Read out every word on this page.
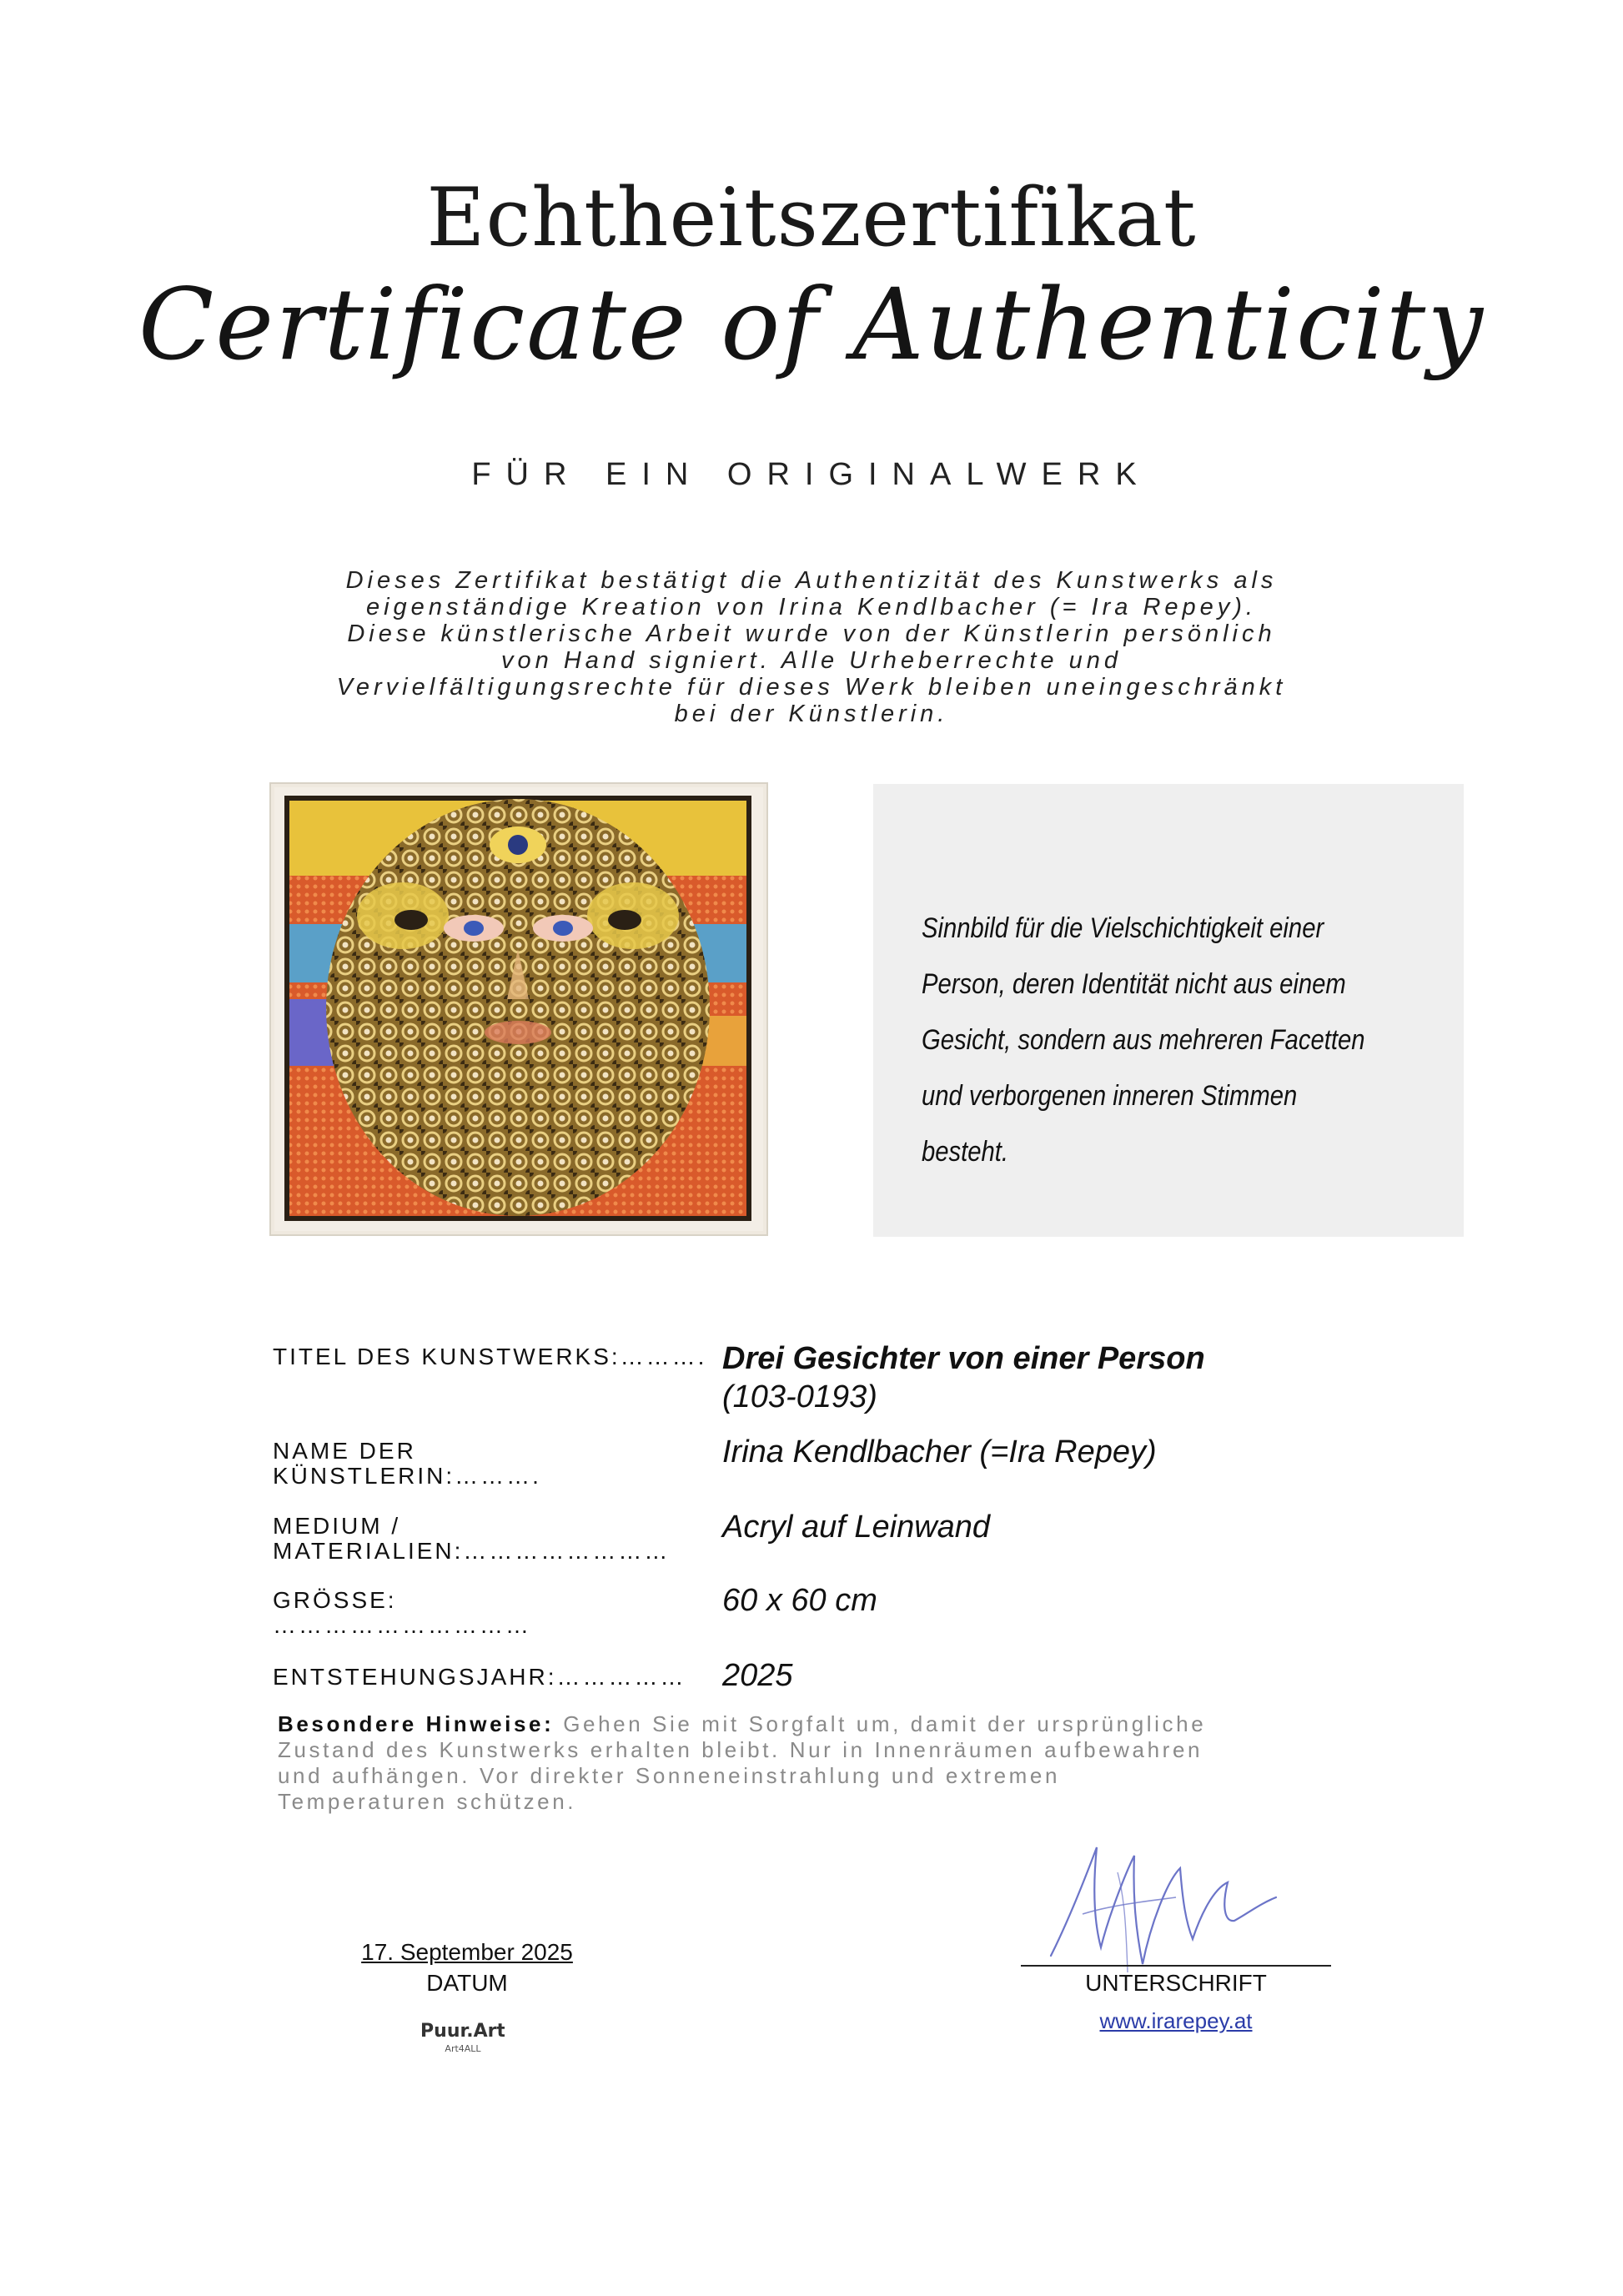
Echtheitszertifikat
Certificate of Authenticity
FÜR EIN ORIGINALWERK
Dieses Zertifikat bestätigt die Authentizität des Kunstwerks als
eigenständige Kreation von Irina Kendlbacher (= Ira Repey).
Diese künstlerische Arbeit wurde von der Künstlerin persönlich
von Hand signiert. Alle Urheberrechte und
Vervielfältigungsrechte für dieses Werk bleiben uneingeschränkt
bei der Künstlerin.
Sinnbild für die Vielschichtigkeit einer
Person, deren Identität nicht aus einem
Gesicht, sondern aus mehreren Facetten
und verborgenen inneren Stimmen
besteht.
TITEL DES KUNSTWERKS:………. Drei Gesichter von einer Person
(103-0193)
NAME DER
KÜNSTLERIN:……….
Irina Kendlbacher (=Ira Repey)
MEDIUM /
MATERIALIEN:……………………
Acryl auf Leinwand
GRÖSSE:
…………………………
60 x 60 cm
ENTSTEHUNGSJAHR:…………… 2025
Besondere Hinweise: Gehen Sie mit Sorgfalt um, damit der ursprüngliche
Zustand des Kunstwerks erhalten bleibt. Nur in Innenräumen aufbewahren
und aufhängen. Vor direkter Sonneneinstrahlung und extremen
Temperaturen schützen.
17. September 2025
DATUM	UNTERSCHRIFT
www.irarepey.at
Puur.Art
Art4ALL
